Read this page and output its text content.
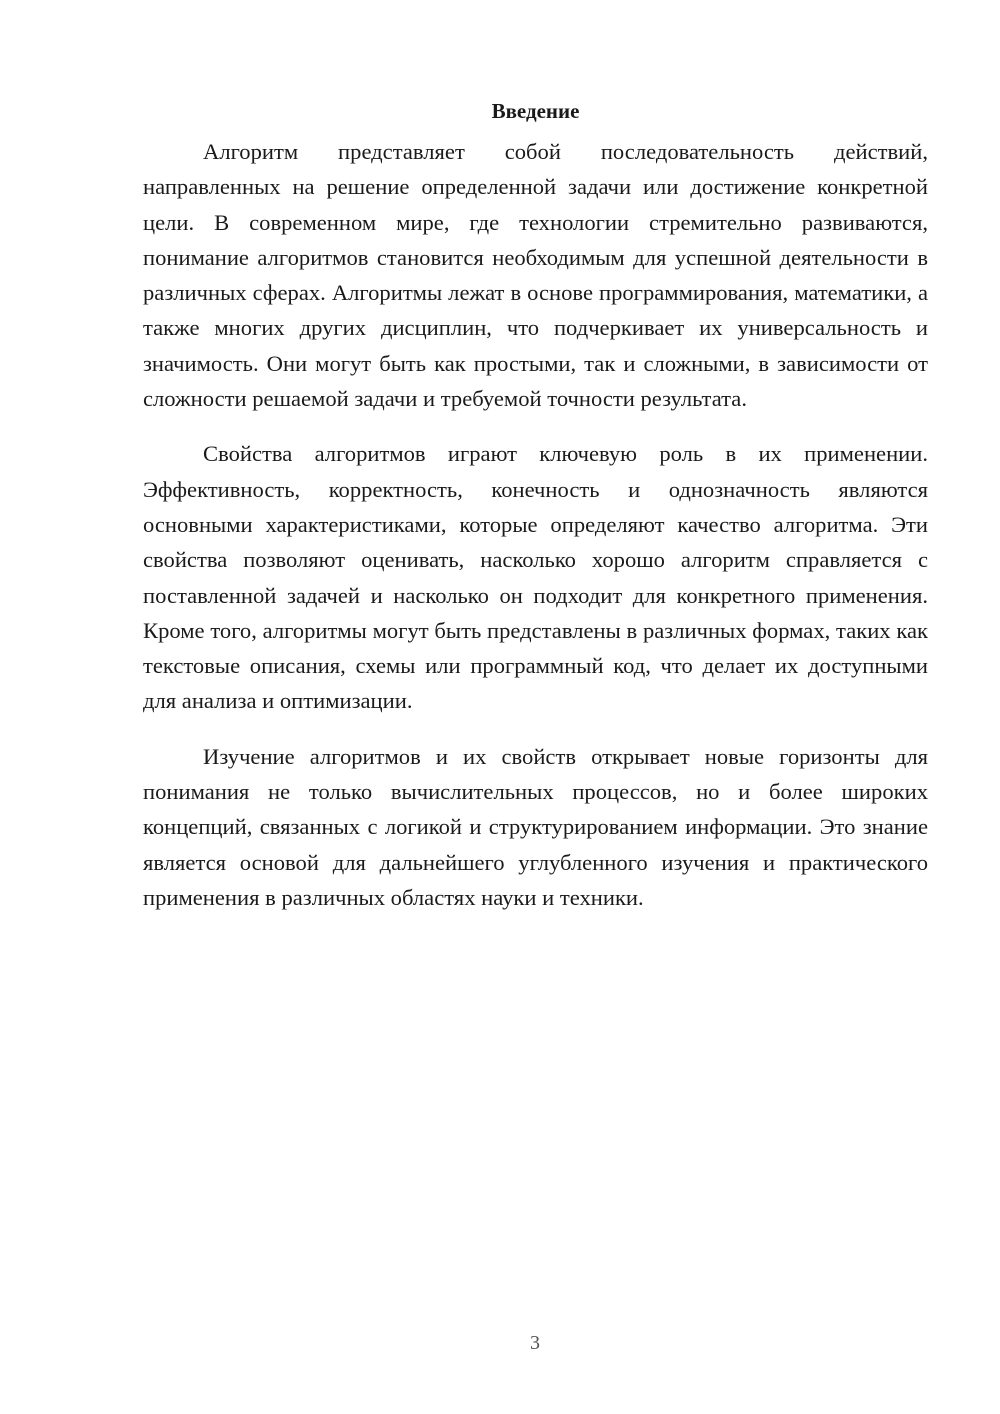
Введение

Алгоритм представляет собой последовательность действий, направленных на решение определенной задачи или достижение конкретной цели. В современном мире, где технологии стремительно развиваются, понимание алгоритмов становится необходимым для успешной деятельности в различных сферах. Алгоритмы лежат в основе программирования, математики, а также многих других дисциплин, что подчеркивает их универсальность и значимость. Они могут быть как простыми, так и сложными, в зависимости от сложности решаемой задачи и требуемой точности результата.

Свойства алгоритмов играют ключевую роль в их применении. Эффективность, корректность, конечность и однозначность являются основными характеристиками, которые определяют качество алгоритма. Эти свойства позволяют оценивать, насколько хорошо алгоритм справляется с поставленной задачей и насколько он подходит для конкретного применения. Кроме того, алгоритмы могут быть представлены в различных формах, таких как текстовые описания, схемы или программный код, что делает их доступными для анализа и оптимизации.

Изучение алгоритмов и их свойств открывает новые горизонты для понимания не только вычислительных процессов, но и более широких концепций, связанных с логикой и структурированием информации. Это знание является основой для дальнейшего углубленного изучения и практического применения в различных областях науки и техники.

3
